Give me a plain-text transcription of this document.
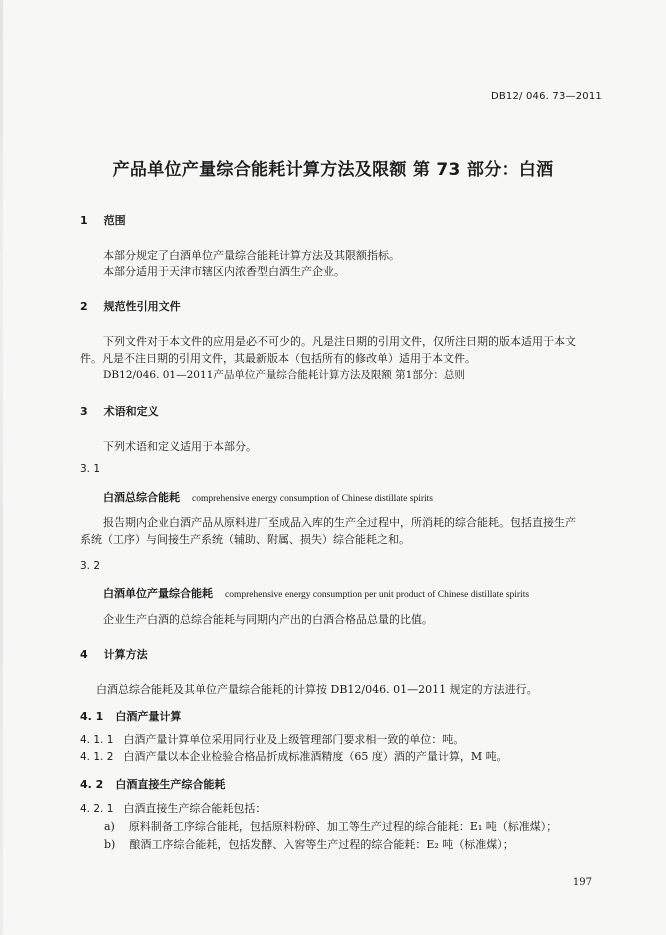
DB12/ 046. 73—2011
产品单位产量综合能耗计算方法及限额 第 73 部分：白酒
1 范围
本部分规定了白酒单位产量综合能耗计算方法及其限额指标。
本部分适用于天津市辖区内浓香型白酒生产企业。
2 规范性引用文件
下列文件对于本文件的应用是必不可少的。凡是注日期的引用文件，仅所注日期的版本适用于本文
件。凡是不注日期的引用文件，其最新版本（包括所有的修改单）适用于本文件。
DB12/046. 01—2011产品单位产量综合能耗计算方法及限额 第1部分：总则
3 术语和定义
下列术语和定义适用于本部分。
3. 1
白酒总综合能耗 comprehensive energy consumption of Chinese distillate spirits
报告期内企业白酒产品从原料进厂至成品入库的生产全过程中，所消耗的综合能耗。包括直接生产
系统（工序）与间接生产系统（辅助、附属、损失）综合能耗之和。
3. 2
白酒单位产量综合能耗 comprehensive energy consumption per unit product of Chinese distillate spirits
企业生产白酒的总综合能耗与同期内产出的白酒合格品总量的比值。
4 计算方法
白酒总综合能耗及其单位产量综合能耗的计算按 DB12/046. 01—2011 规定的方法进行。
4. 1 白酒产量计算
4. 1. 1 白酒产量计算单位采用同行业及上级管理部门要求相一致的单位：吨。
4. 1. 2 白酒产量以本企业检验合格品折成标准酒精度（65 度）酒的产量计算，M 吨。
4. 2 白酒直接生产综合能耗
4. 2. 1 白酒直接生产综合能耗包括：
a) 原料制备工序综合能耗，包括原料粉碎、加工等生产过程的综合能耗：E₁ 吨（标准煤）；
b) 酿酒工序综合能耗，包括发酵、入窖等生产过程的综合能耗：E₂ 吨（标准煤）；
197
